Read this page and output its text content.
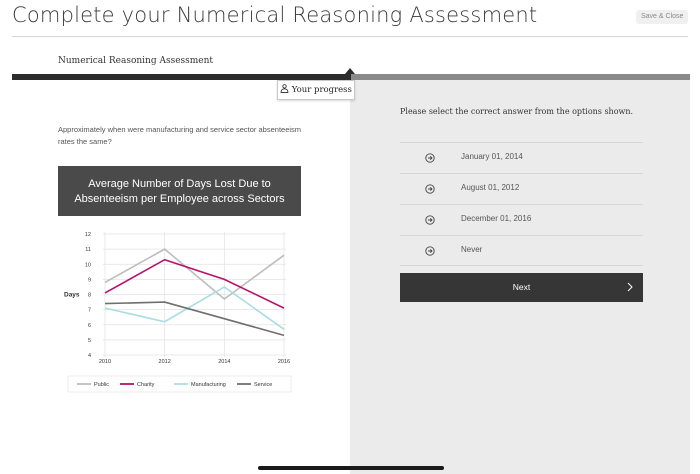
Complete your Numerical Reasoning Assessment	Save & Close
Numerical Reasoning Assessment
Your progress
Approximately when were manufacturing and service sector absenteeism rates the same?
Average Number of Days Lost Due to Absenteeism per Employee across Sectors
4
5
6
7
8
9
10
11
12
2010	2012	2014	2016
Days
Public	Charity	Manufacturing	Service
Please select the correct answer from the options shown.
January 01, 2014
August 01, 2012
December 01, 2016
Never
Next
